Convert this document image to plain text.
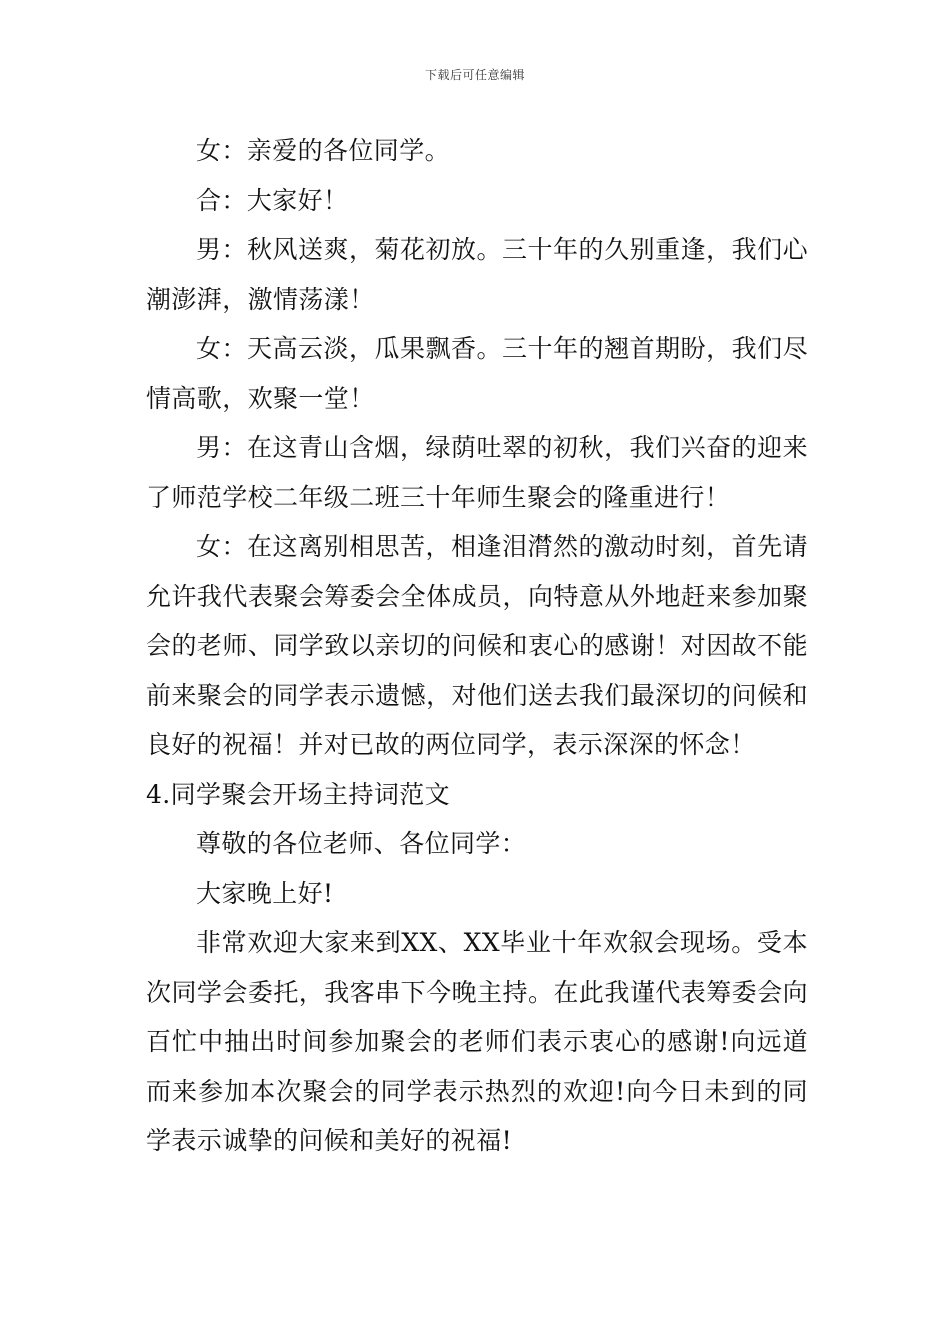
下载后可任意编辑

女：亲爱的各位同学。

合：大家好！

男：秋风送爽，菊花初放。三十年的久别重逢，我们心潮澎湃，激情荡漾！

女：天高云淡，瓜果飘香。三十年的翘首期盼，我们尽情高歌，欢聚一堂！

男：在这青山含烟，绿荫吐翠的初秋，我们兴奋的迎来了师范学校二年级二班三十年师生聚会的隆重进行！

女：在这离别相思苦，相逢泪潸然的激动时刻，首先请允许我代表聚会筹委会全体成员，向特意从外地赶来参加聚会的老师、同学致以亲切的问候和衷心的感谢！对因故不能前来聚会的同学表示遗憾，对他们送去我们最深切的问候和良好的祝福！并对已故的两位同学，表示深深的怀念！

4.同学聚会开场主持词范文

尊敬的各位老师、各位同学：

大家晚上好!

非常欢迎大家来到XX、XX毕业十年欢叙会现场。受本次同学会委托，我客串下今晚主持。在此我谨代表筹委会向百忙中抽出时间参加聚会的老师们表示衷心的感谢!向远道而来参加本次聚会的同学表示热烈的欢迎!向今日未到的同学表示诚挚的问候和美好的祝福!
